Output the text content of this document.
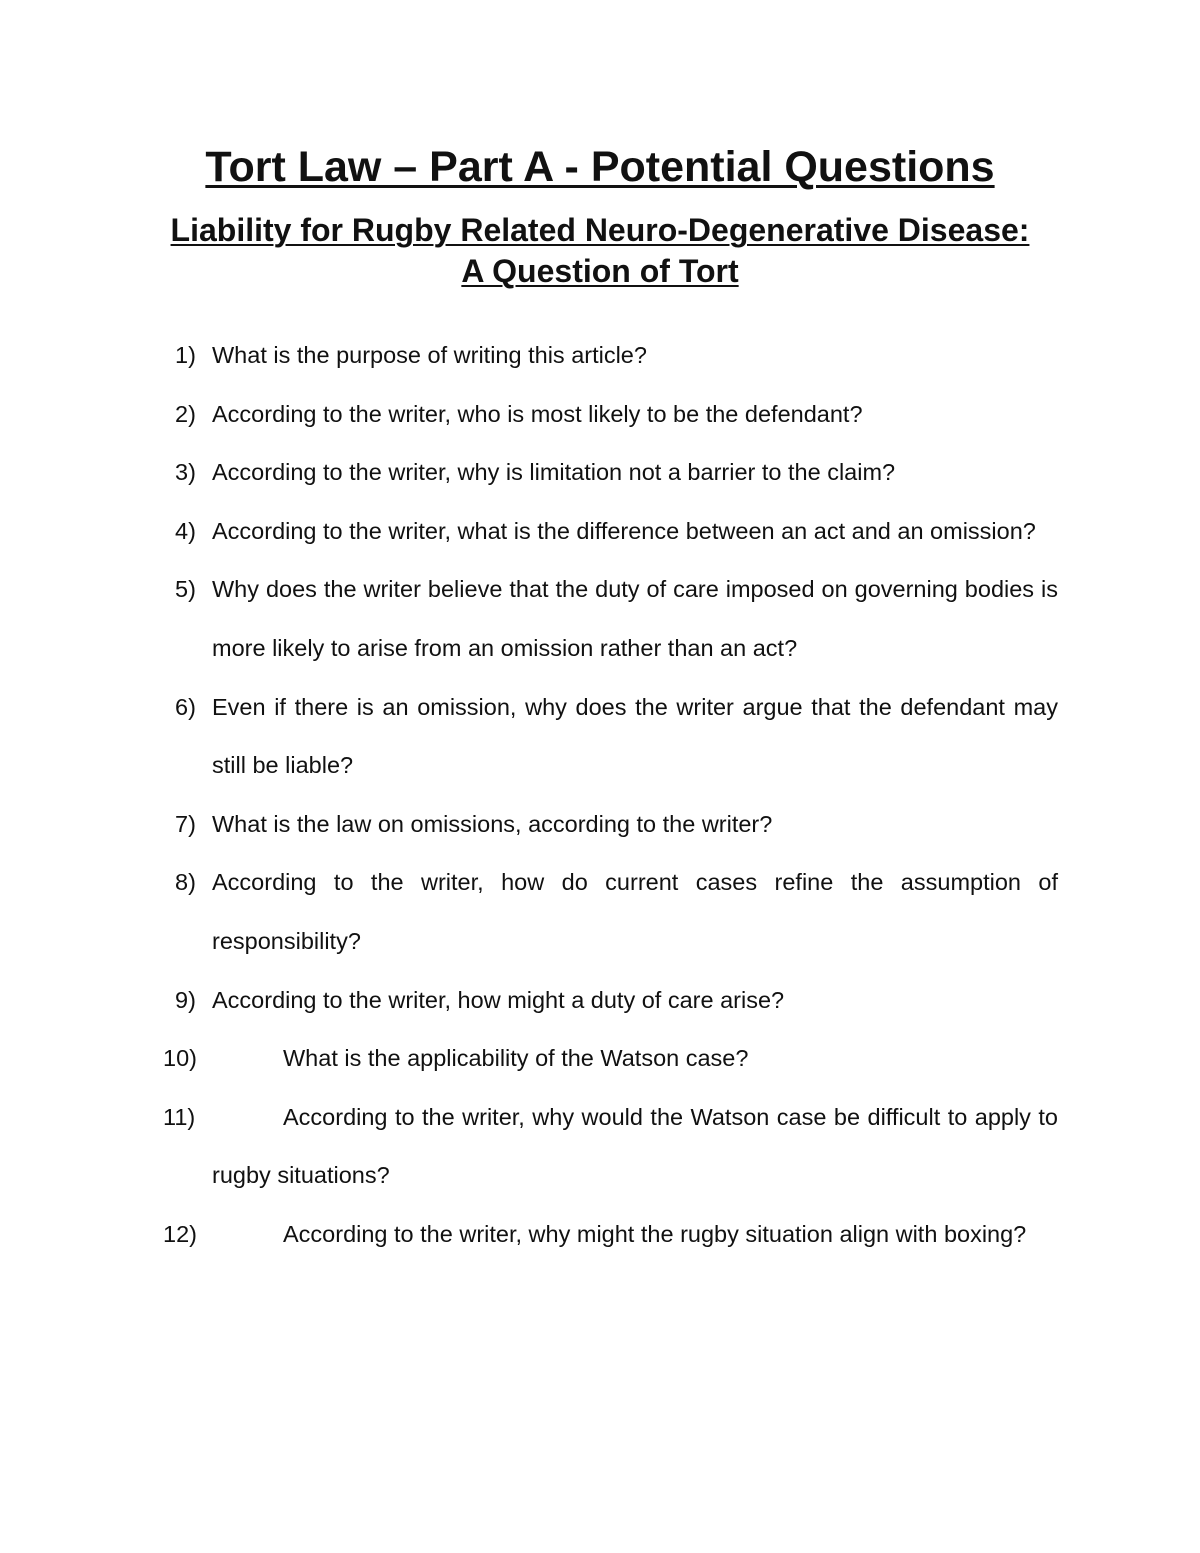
Tort Law – Part A - Potential Questions
Liability for Rugby Related Neuro-Degenerative Disease: A Question of Tort
1) What is the purpose of writing this article?
2) According to the writer, who is most likely to be the defendant?
3) According to the writer, why is limitation not a barrier to the claim?
4) According to the writer, what is the difference between an act and an omission?
5) Why does the writer believe that the duty of care imposed on governing bodies is more likely to arise from an omission rather than an act?
6) Even if there is an omission, why does the writer argue that the defendant may still be liable?
7) What is the law on omissions, according to the writer?
8) According to the writer, how do current cases refine the assumption of responsibility?
9) According to the writer, how might a duty of care arise?
10)	What is the applicability of the Watson case?
11)	According to the writer, why would the Watson case be difficult to apply to rugby situations?
12)	According to the writer, why might the rugby situation align with boxing?
